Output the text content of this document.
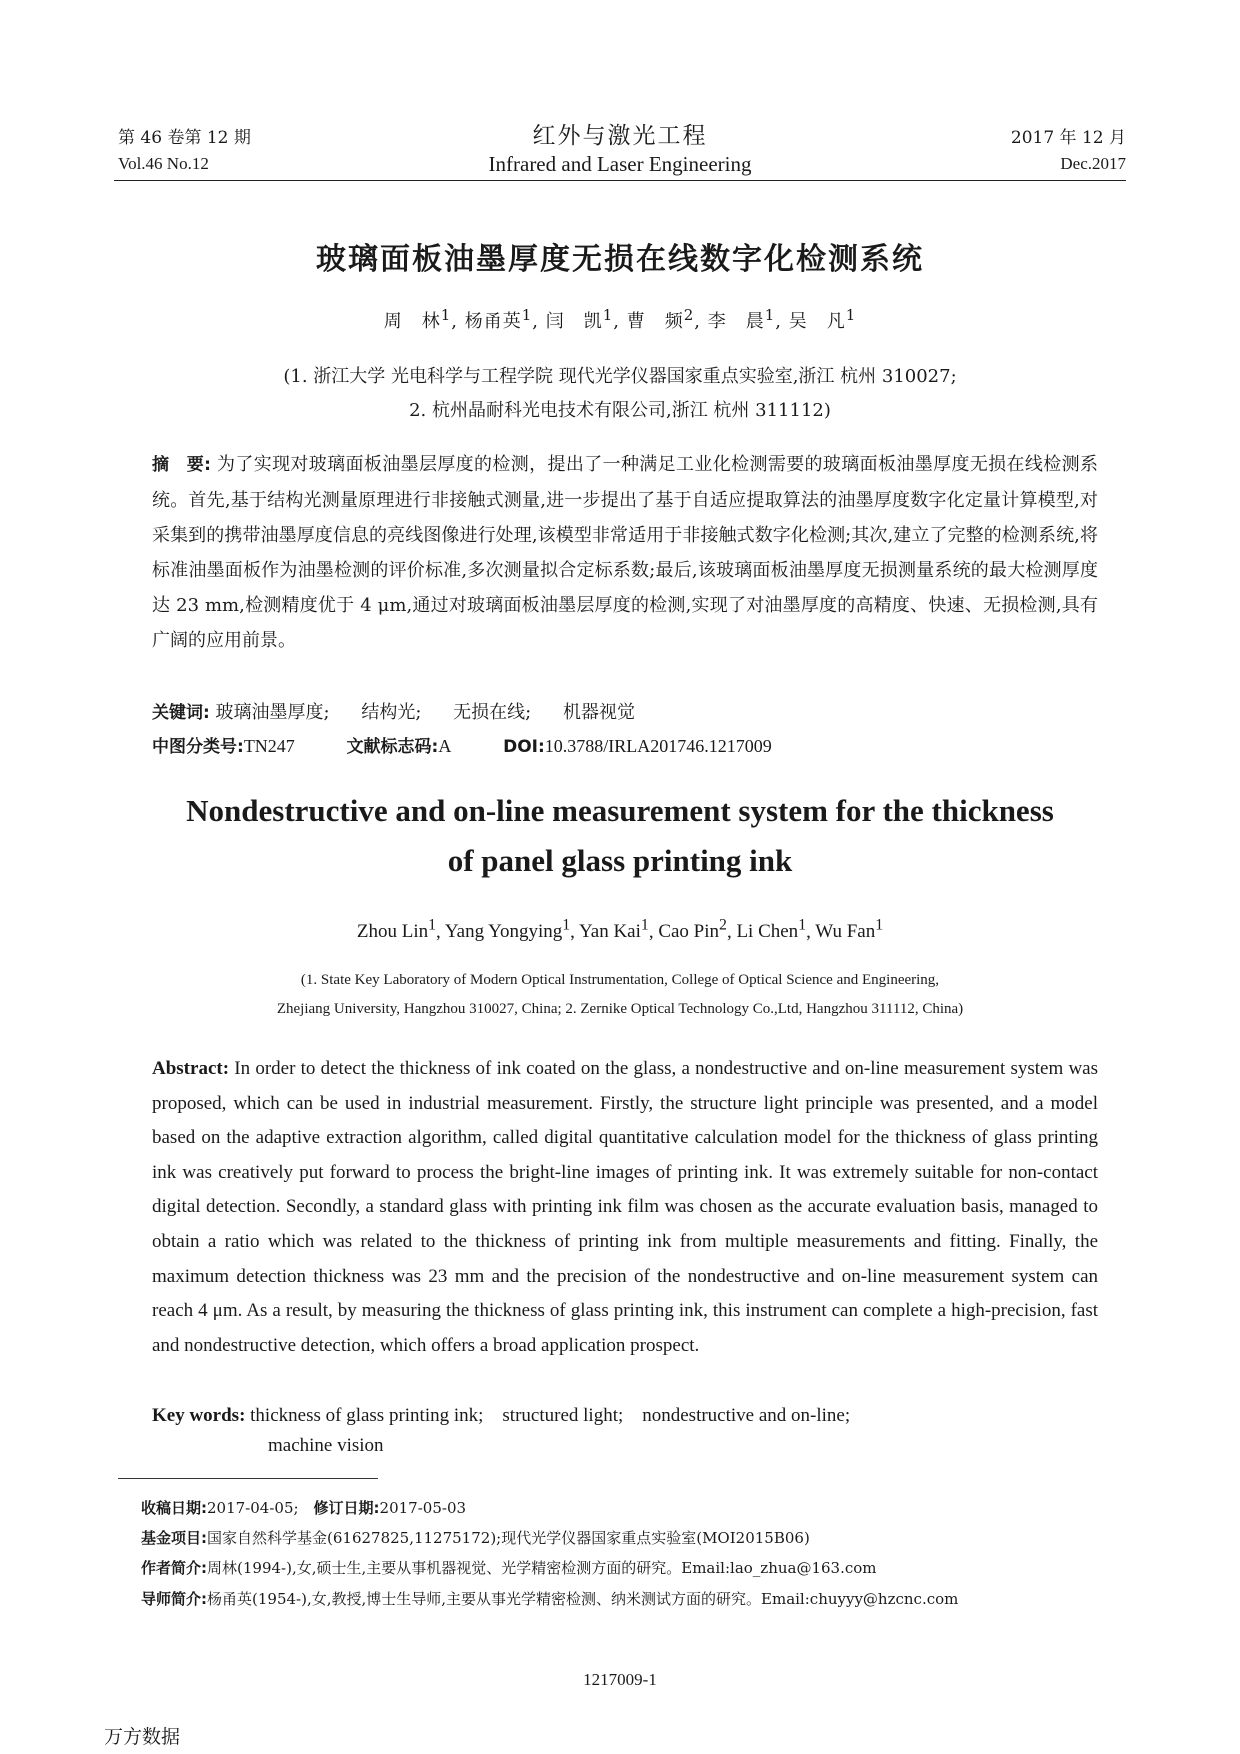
第 46 卷第 12 期
Vol.46 No.12
红外与激光工程
Infrared and Laser Engineering
2017 年 12 月
Dec.2017
玻璃面板油墨厚度无损在线数字化检测系统
周　林$^1$, 杨甬英$^1$, 闫　凯$^1$, 曹　频$^2$, 李　晨$^1$, 吴　凡$^1$
(1. 浙江大学 光电科学与工程学院 现代光学仪器国家重点实验室,浙江 杭州 310027;
2. 杭州晶耐科光电技术有限公司,浙江 杭州 311112)
摘　要: 为了实现对玻璃面板油墨层厚度的检测，提出了一种满足工业化检测需要的玻璃面板油墨厚度无损在线检测系统。首先,基于结构光测量原理进行非接触式测量,进一步提出了基于自适应提取算法的油墨厚度数字化定量计算模型,对采集到的携带油墨厚度信息的亮线图像进行处理,该模型非常适用于非接触式数字化检测;其次,建立了完整的检测系统,将标准油墨面板作为油墨检测的评价标准,多次测量拟合定标系数;最后,该玻璃面板油墨厚度无损测量系统的最大检测厚度达 23 mm,检测精度优于 4 μm,通过对玻璃面板油墨层厚度的检测,实现了对油墨厚度的高精度、快速、无损检测,具有广阔的应用前景。
关键词: 玻璃油墨厚度; 结构光; 无损在线; 机器视觉
中图分类号:TN247	文献标志码:A	DOI:10.3788/IRLA201746.1217009
Nondestructive and on-line measurement system for the thickness
of panel glass printing ink
Zhou Lin$^1$, Yang Yongying$^1$, Yan Kai$^1$, Cao Pin$^2$, Li Chen$^1$, Wu Fan$^1$
(1. State Key Laboratory of Modern Optical Instrumentation, College of Optical Science and Engineering,
Zhejiang University, Hangzhou 310027, China; 2. Zernike Optical Technology Co.,Ltd, Hangzhou 311112, China)
Abstract: In order to detect the thickness of ink coated on the glass, a nondestructive and on-line measurement system was proposed, which can be used in industrial measurement. Firstly, the structure light principle was presented, and a model based on the adaptive extraction algorithm, called digital quantitative calculation model for the thickness of glass printing ink was creatively put forward to process the bright-line images of printing ink. It was extremely suitable for non-contact digital detection. Secondly, a standard glass with printing ink film was chosen as the accurate evaluation basis, managed to obtain a ratio which was related to the thickness of printing ink from multiple measurements and fitting. Finally, the maximum detection thickness was 23 mm and the precision of the nondestructive and on-line measurement system can reach 4 μm. As a result, by measuring the thickness of glass printing ink, this instrument can complete a high-precision, fast and nondestructive detection, which offers a broad application prospect.
Key words: thickness of glass printing ink;　structured light;　nondestructive and on-line;
machine vision
收稿日期:2017-04-05;　修订日期:2017-05-03
基金项目:国家自然科学基金(61627825,11275172);现代光学仪器国家重点实验室(MOI2015B06)
作者简介:周林(1994-),女,硕士生,主要从事机器视觉、光学精密检测方面的研究。Email:lao_zhua@163.com
导师简介:杨甬英(1954-),女,教授,博士生导师,主要从事光学精密检测、纳米测试方面的研究。Email:chuyyy@hzcnc.com
1217009-1
万方数据
